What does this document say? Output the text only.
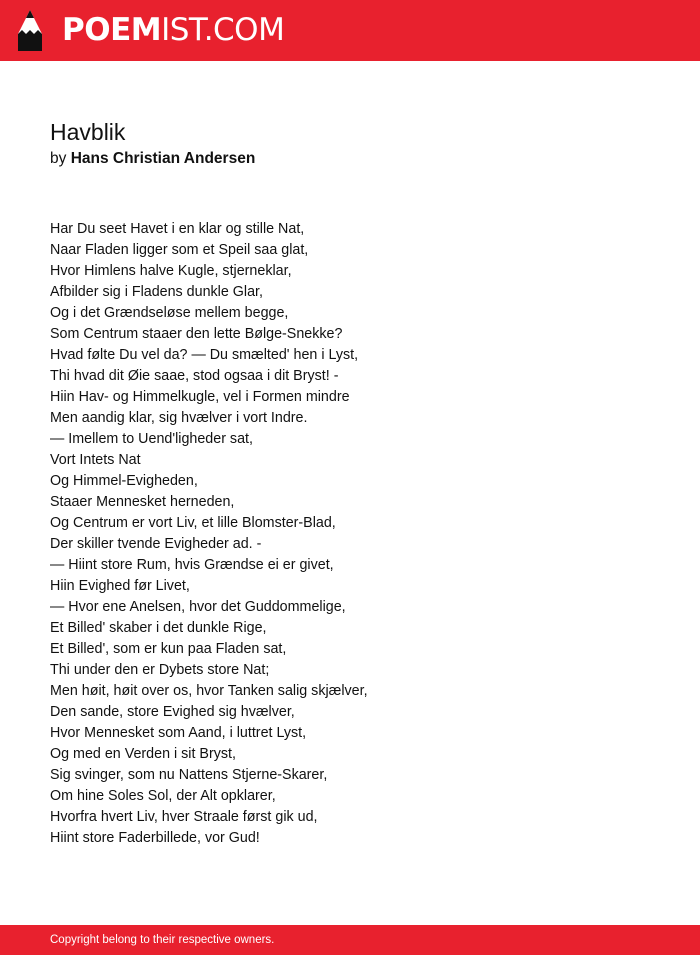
POEMIST.COM
Havblik
by Hans Christian Andersen
Har Du seet Havet i en klar og stille Nat,
Naar Fladen ligger som et Speil saa glat,
Hvor Himlens halve Kugle, stjerneklar,
Afbilder sig i Fladens dunkle Glar,
Og i det Grændseløse mellem begge,
Som Centrum staaer den lette Bølge-Snekke?
Hvad følte Du vel da? — Du smælted' hen i Lyst,
Thi hvad dit Øie saae, stod ogsaa i dit Bryst! -
Hiin Hav- og Himmelkugle, vel i Formen mindre
Men aandig klar, sig hvælver i vort Indre.
— Imellem to Uend'ligheder sat,
Vort Intets Nat
Og Himmel-Evigheden,
Staaer Mennesket herneden,
Og Centrum er vort Liv, et lille Blomster-Blad,
Der skiller tvende Evigheder ad. -
— Hiint store Rum, hvis Grændse ei er givet,
Hiin Evighed før Livet,
— Hvor ene Anelsen, hvor det Guddommelige,
Et Billed' skaber i det dunkle Rige,
Et Billed', som er kun paa Fladen sat,
Thi under den er Dybets store Nat;
Men høit, høit over os, hvor Tanken salig skjælver,
Den sande, store Evighed sig hvælver,
Hvor Mennesket som Aand, i luttret Lyst,
Og med en Verden i sit Bryst,
Sig svinger, som nu Nattens Stjerne-Skarer,
Om hine Soles Sol, der Alt opklarer,
Hvorfra hvert Liv, hver Straale først gik ud,
Hiint store Faderbillede, vor Gud!
Copyright belong to their respective owners.
